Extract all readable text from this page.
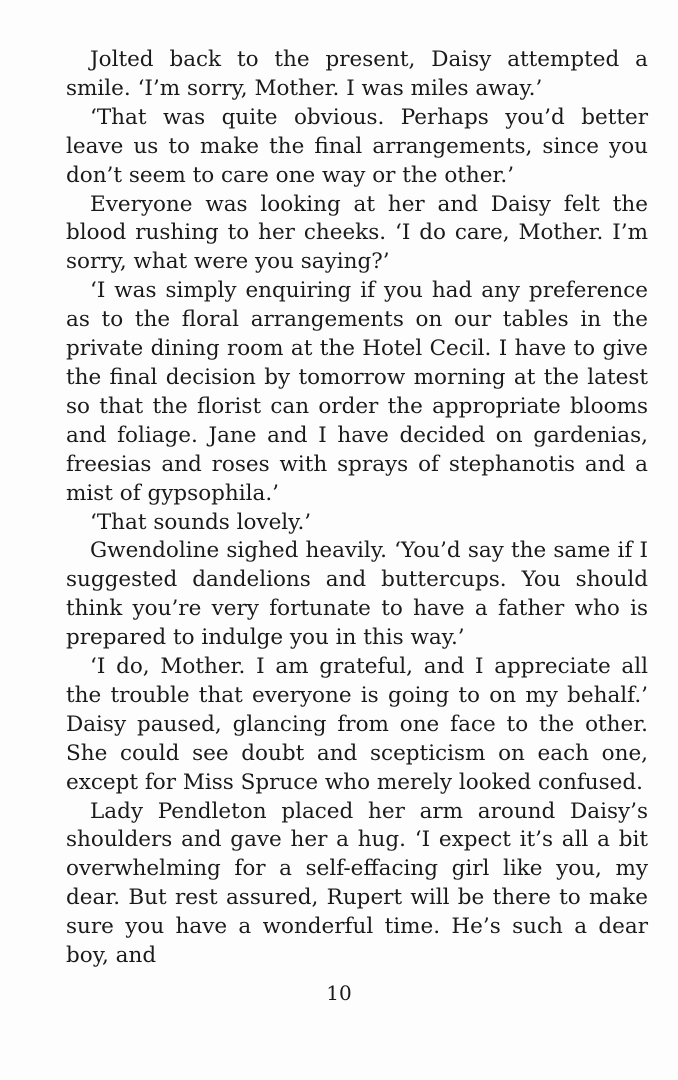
Jolted back to the present, Daisy attempted a smile. ‘I’m sorry, Mother. I was miles away.’

‘That was quite obvious. Perhaps you’d better leave us to make the final arrangements, since you don’t seem to care one way or the other.’

Everyone was looking at her and Daisy felt the blood rushing to her cheeks. ‘I do care, Mother. I’m sorry, what were you saying?’

‘I was simply enquiring if you had any preference as to the floral arrangements on our tables in the private dining room at the Hotel Cecil. I have to give the final decision by tomorrow morning at the latest so that the florist can order the appropriate blooms and foliage. Jane and I have decided on gardenias, freesias and roses with sprays of stephanotis and a mist of gypsophila.’

‘That sounds lovely.’

Gwendoline sighed heavily. ‘You’d say the same if I suggested dandelions and buttercups. You should think you’re very fortunate to have a father who is prepared to indulge you in this way.’

‘I do, Mother. I am grateful, and I appreciate all the trouble that everyone is going to on my behalf.’ Daisy paused, glancing from one face to the other. She could see doubt and scepticism on each one, except for Miss Spruce who merely looked confused.

Lady Pendleton placed her arm around Daisy’s shoulders and gave her a hug. ‘I expect it’s all a bit overwhelming for a self-effacing girl like you, my dear. But rest assured, Rupert will be there to make sure you have a wonderful time. He’s such a dear boy, and

10
